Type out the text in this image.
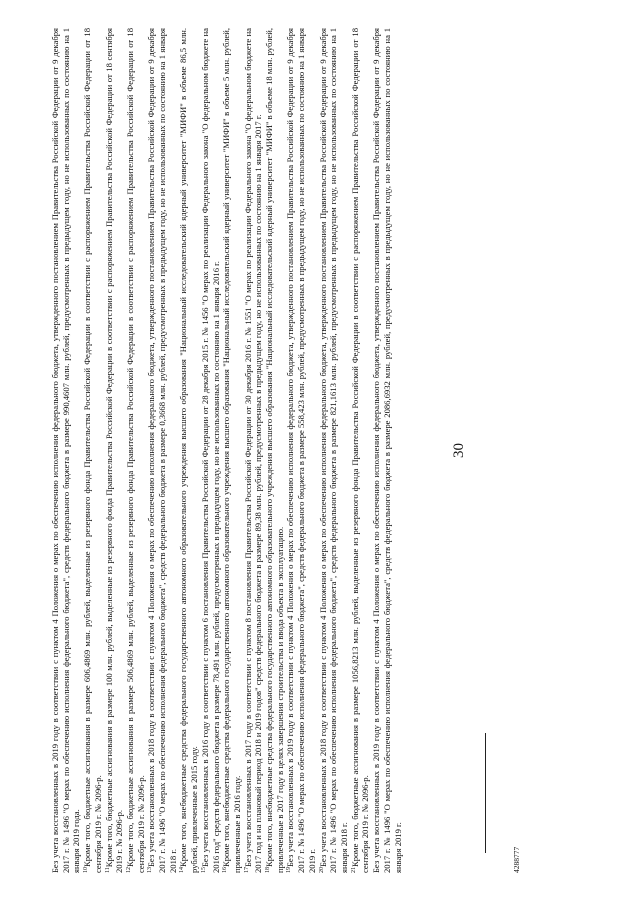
Без учета восстановленных в 2019 году в соответствии с пунктом 4 Положения о мерах по обеспечению исполнения федерального бюджета, утвержденного постановлением Правительства Российской Федерации от 9 декабря 2017 г. № 1496 "О мерах по обеспечению исполнения федерального бюджета", средств федерального бюджета в размере 990,4607 млн. рублей, предусмотренных в предыдущем году, но не использованных по состоянию на 1 января 2019 года. $^{10}$Кроме того, бюджетные ассигнования в размере 606,4869 млн. рублей, выделенные из резервного фонда Правительства Российской Федерации в соответствии с распоряжением Правительства Российской Федерации от 18 сентября 2019 г. № 2096-р. $^{11}$Кроме того, бюджетные ассигнования в размере 100 млн. рублей, выделенные из резервного фонда Правительства Российской Федерации в соответствии с распоряжением Правительства Российской Федерации от 18 сентября 2019 г. № 2096-р. $^{12}$Кроме того, бюджетные ассигнования в размере 506,4869 млн. рублей, выделенные из резервного фонда Правительства Российской Федерации в соответствии с распоряжением Правительства Российской Федерации от 18 сентября 2019 г. № 2096-р. $^{13}$Без учета восстановленных в 2018 году в соответствии с пунктом 4 Положения о мерах по обеспечению исполнения федерального бюджета, утвержденного постановлением Правительства Российской Федерации от 9 декабря 2017 г. № 1496 "О мерах по обеспечению исполнения федерального бюджета", средств федерального бюджета в размере 0,3668 млн. рублей, предусмотренных в предыдущем году, но не использованных по состоянию на 1 января 2018 г. $^{14}$Кроме того, внебюджетные средства федерального государственного автономного образовательного учреждения высшего образования "Национальный исследовательский ядерный университет "МИФИ" в объеме 86,5 млн. рублей, привлеченные в 2015 году. $^{15}$Без учета восстановленных в 2016 году в соответствии с пунктом 6 постановления Правительства Российской Федерации от 28 декабря 2015 г. № 1456 "О мерах по реализации Федерального закона "О федеральном бюджете на 2016 год" средств федерального бюджета в размере 78,491 млн. рублей, предусмотренных в предыдущем году, но не использованных по состоянию на 1 января 2016 г. $^{16}$Кроме того, внебюджетные средства федерального государственного автономного образовательного учреждения высшего образования "Национальный исследовательский ядерный университет "МИФИ" в объеме 5 млн. рублей, привлеченные в 2016 году. $^{17}$Без учета восстановленных в 2017 году в соответствии с пунктом 8 постановления Правительства Российской Федерации от 30 декабря 2016 г. № 1551 "О мерах по реализации Федерального закона "О федеральном бюджете на 2017 год и на плановый период 2018 и 2019 годов" средств федерального бюджета в размере 89,38 млн. рублей, предусмотренных в предыдущем году, но не использованных по состоянию на 1 января 2017 г. $^{18}$Кроме того, внебюджетные средства федерального государственного автономного образовательного учреждения высшего образования "Национальный исследовательский ядерный университет "МИФИ" в объеме 18 млн. рублей, привлеченные в 2017 году в целях завершения строительства и ввода объекта в эксплуатацию. $^{19}$Без учета восстановленных в 2019 году в соответствии с пунктом 4 Положения о мерах по обеспечению исполнения федерального бюджета, утвержденного постановлением Правительства Российской Федерации от 9 декабря 2017 г. № 1496 "О мерах по обеспечению исполнения федерального бюджета", средств федерального бюджета в размере 558,423 млн. рублей, предусмотренных в предыдущем году, но не использованных по состоянию на 1 января 2019 г. $^{20}$Без учета восстановленных в 2018 году в соответствии с пунктом 4 Положения о мерах по обеспечению исполнения федерального бюджета, утвержденного постановлением Правительства Российской Федерации от 9 декабря 2017 г. № 1496 "О мерах по обеспечению исполнения федерального бюджета", средств федерального бюджета в размере 821,1613 млн. рублей, предусмотренных в предыдущем году, но не использованных по состоянию на 1 января 2018 г. $^{21}$Кроме того, бюджетные ассигнования в размере 1056,8213 млн. рублей, выделенные из резервного фонда Правительства Российской Федерации в соответствии с распоряжением Правительства Российской Федерации от 18 сентября 2019 г. № 2096-р. Без учета восстановленных в 2019 году в соответствии с пунктом 4 Положения о мерах по обеспечению исполнения федерального бюджета, утвержденного постановлением Правительства Российской Федерации от 9 декабря 2017 г. № 1496 "О мерах по обеспечению исполнения федерального бюджета", средств федерального бюджета в размере 2086,6932 млн. рублей, предусмотренных в предыдущем году, но не использованных по состоянию на 1 января 2019 г.

30
4288777
